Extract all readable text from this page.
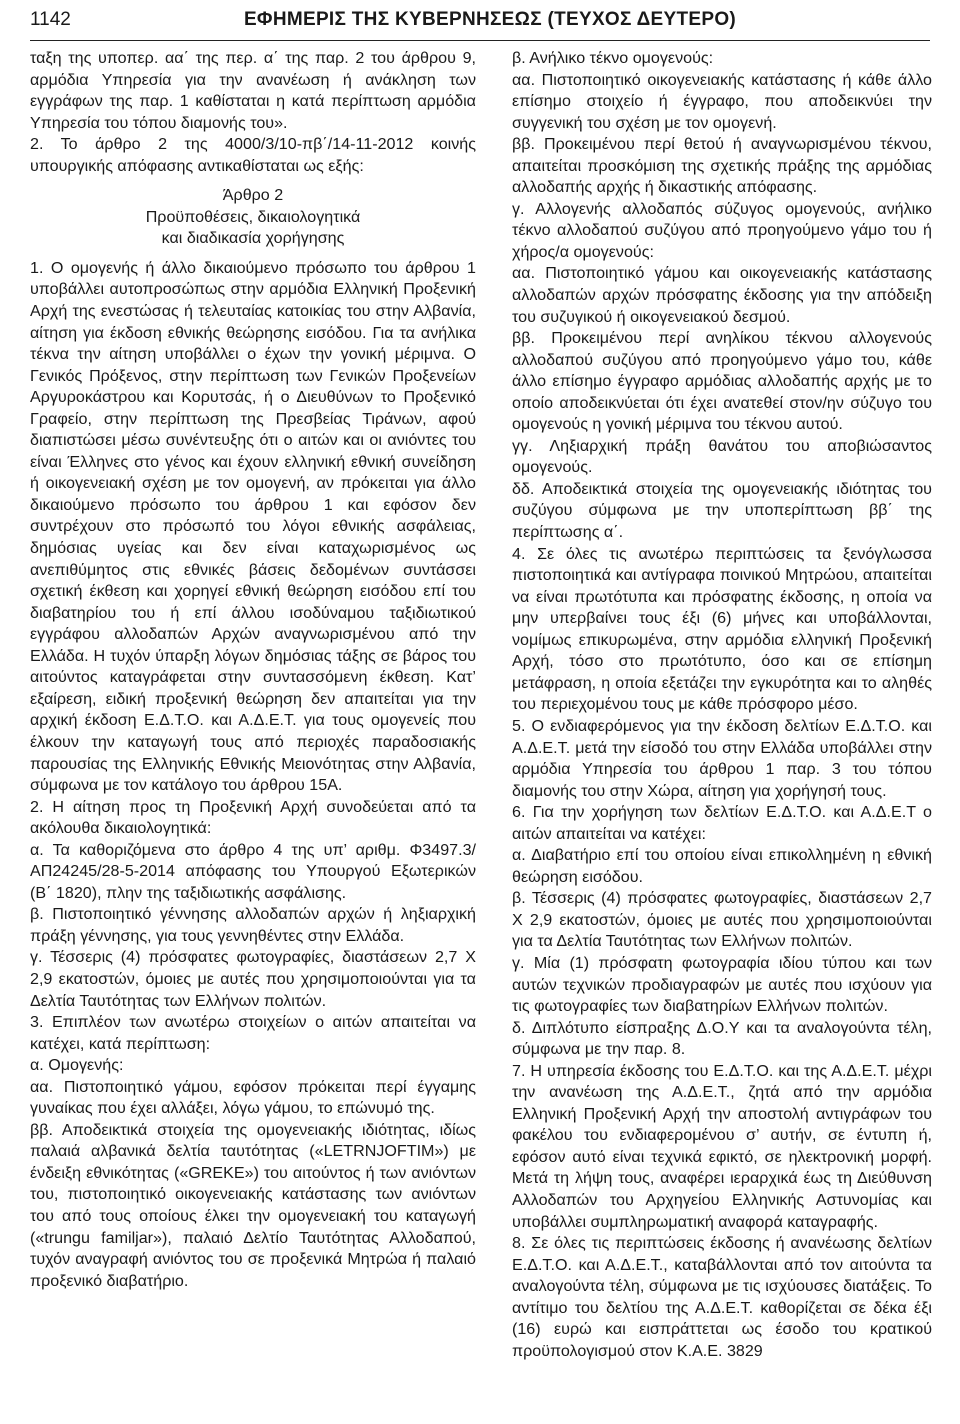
1142	ΕΦΗΜΕΡΙΣ ΤΗΣ ΚΥΒΕΡΝΗΣΕΩΣ (ΤΕΥΧΟΣ ΔΕΥΤΕΡΟ)

ταξη της υποπερ. αα΄ της περ. α΄ της παρ. 2 του άρθρου 9, αρμόδια Υπηρεσία για την ανανέωση ή ανάκληση των εγγράφων της παρ. 1 καθίσταται η κατά περίπτωση αρμόδια Υπηρεσία του τόπου διαμονής του».

2. Το άρθρο 2 της 4000/3/10-πβ΄/14-11-2012 κοινής υπουργικής απόφασης αντικαθίσταται ως εξής:

Άρθρο 2
Προϋποθέσεις, δικαιολογητικά
και διαδικασία χορήγησης

1. Ο ομογενής ή άλλο δικαιούμενο πρόσωπο του άρθρου 1 υποβάλλει αυτοπροσώπως στην αρμόδια Ελληνική Προξενική Αρχή της ενεστώσας ή τελευταίας κατοικίας του στην Αλβανία, αίτηση για έκδοση εθνικής θεώρησης εισόδου. Για τα ανήλικα τέκνα την αίτηση υποβάλλει ο έχων την γονική μέριμνα. Ο Γενικός Πρόξενος, στην περίπτωση των Γενικών Προξενείων Αργυροκάστρου και Κορυτσάς, ή ο Διευθύνων το Προξενικό Γραφείο, στην περίπτωση της Πρεσβείας Τιράνων, αφού διαπιστώσει μέσω συνέντευξης ότι ο αιτών και οι ανιόντες του είναι Έλληνες στο γένος και έχουν ελληνική εθνική συνείδηση ή οικογενειακή σχέση με τον ομογενή, αν πρόκειται για άλλο δικαιούμενο πρόσωπο του άρθρου 1 και εφόσον δεν συντρέχουν στο πρόσωπό του λόγοι εθνικής ασφάλειας, δημόσιας υγείας και δεν είναι καταχωρισμένος ως ανεπιθύμητος στις εθνικές βάσεις δεδομένων συντάσσει σχετική έκθεση και χορηγεί εθνική θεώρηση εισόδου επί του διαβατηρίου του ή επί άλλου ισοδύναμου ταξιδιωτικού εγγράφου αλλοδαπών Αρχών αναγνωρισμένου από την Ελλάδα. Η τυχόν ύπαρξη λόγων δημόσιας τάξης σε βάρος του αιτούντος καταγράφεται στην συντασσόμενη έκθεση. Κατ’ εξαίρεση, ειδική προξενική θεώρηση δεν απαιτείται για την αρχική έκδοση Ε.Δ.Τ.Ο. και Α.Δ.Ε.Τ. για τους ομογενείς που έλκουν την καταγωγή τους από περιοχές παραδοσιακής παρουσίας της Ελληνικής Εθνικής Μειονότητας στην Αλβανία, σύμφωνα με τον κατάλογο του άρθρου 15Α.

2. Η αίτηση προς τη Προξενική Αρχή συνοδεύεται από τα ακόλουθα δικαιολογητικά:

α. Τα καθοριζόμενα στο άρθρο 4 της υπ’ αριθμ. Φ3497.3/ ΑΠ24245/28-5-2014 απόφασης του Υπουργού Εξωτερικών (Β΄ 1820), πλην της ταξιδιωτικής ασφάλισης.

β. Πιστοποιητικό γέννησης αλλοδαπών αρχών ή ληξιαρχική πράξη γέννησης, για τους γεννηθέντες στην Ελλάδα.

γ. Τέσσερις (4) πρόσφατες φωτογραφίες, διαστάσεων 2,7 Χ 2,9 εκατοστών, όμοιες με αυτές που χρησιμοποιούνται για τα Δελτία Ταυτότητας των Ελλήνων πολιτών.

3. Επιπλέον των ανωτέρω στοιχείων ο αιτών απαιτείται να κατέχει, κατά περίπτωση:

α. Ομογενής:

αα. Πιστοποιητικό γάμου, εφόσον πρόκειται περί έγγαμης γυναίκας που έχει αλλάξει, λόγω γάμου, το επώνυμό της.

ββ. Αποδεικτικά στοιχεία της ομογενειακής ιδιότητας, ιδίως παλαιά αλβανικά δελτία ταυτότητας («LETRNJOFTIM») με ένδειξη εθνικότητας («GREKE») του αιτούντος ή των ανιόντων του, πιστοποιητικό οικογενειακής κατάστασης των ανιόντων του από τους οποίους έλκει την ομογενειακή του καταγωγή («trungu familjar»), παλαιό Δελτίο Ταυτότητας Αλλοδαπού, τυχόν αναγραφή ανιόντος του σε προξενικά Μητρώα ή παλαιό προξενικό διαβατήριο.

β. Ανήλικο τέκνο ομογενούς:

αα. Πιστοποιητικό οικογενειακής κατάστασης ή κάθε άλλο επίσημο στοιχείο ή έγγραφο, που αποδεικνύει την συγγενική του σχέση με τον ομογενή.

ββ. Προκειμένου περί θετού ή αναγνωρισμένου τέκνου, απαιτείται προσκόμιση της σχετικής πράξης της αρμόδιας αλλοδαπής αρχής ή δικαστικής απόφασης.

γ. Αλλογενής αλλοδαπός σύζυγος ομογενούς, ανήλικο τέκνο αλλοδαπού συζύγου από προηγούμενο γάμο του ή χήρος/α ομογενούς:

αα. Πιστοποιητικό γάμου και οικογενειακής κατάστασης αλλοδαπών αρχών πρόσφατης έκδοσης για την απόδειξη του συζυγικού ή οικογενειακού δεσμού.

ββ. Προκειμένου περί ανηλίκου τέκνου αλλογενούς αλλοδαπού συζύγου από προηγούμενο γάμο του, κάθε άλλο επίσημο έγγραφο αρμόδιας αλλοδαπής αρχής με το οποίο αποδεικνύεται ότι έχει ανατεθεί στον/ην σύζυγο του ομογενούς η γονική μέριμνα του τέκνου αυτού.

γγ. Ληξιαρχική πράξη θανάτου του αποβιώσαντος ομογενούς.

δδ. Αποδεικτικά στοιχεία της ομογενειακής ιδιότητας του συζύγου σύμφωνα με την υποπερίπτωση ββ΄ της περίπτωσης α΄.

4. Σε όλες τις ανωτέρω περιπτώσεις τα ξενόγλωσσα πιστοποιητικά και αντίγραφα ποινικού Μητρώου, απαιτείται να είναι πρωτότυπα και πρόσφατης έκδοσης, η οποία να μην υπερβαίνει τους έξι (6) μήνες και υποβάλλονται, νομίμως επικυρωμένα, στην αρμόδια ελληνική Προξενική Αρχή, τόσο στο πρωτότυπο, όσο και σε επίσημη μετάφραση, η οποία εξετάζει την εγκυρότητα και το αληθές του περιεχομένου τους με κάθε πρόσφορο μέσο.

5. Ο ενδιαφερόμενος για την έκδοση δελτίων Ε.Δ.Τ.Ο. και Α.Δ.Ε.Τ. μετά την είσοδό του στην Ελλάδα υποβάλλει στην αρμόδια Υπηρεσία του άρθρου 1 παρ. 3 του τόπου διαμονής του στην Χώρα, αίτηση για χορήγησή τους.

6. Για την χορήγηση των δελτίων Ε.Δ.Τ.Ο. και Α.Δ.Ε.Τ ο αιτών απαιτείται να κατέχει:

α. Διαβατήριο επί του οποίου είναι επικολλημένη η εθνική θεώρηση εισόδου.

β. Τέσσερις (4) πρόσφατες φωτογραφίες, διαστάσεων 2,7 Χ 2,9 εκατοστών, όμοιες με αυτές που χρησιμοποιούνται για τα Δελτία Ταυτότητας των Ελλήνων πολιτών.

γ. Μία (1) πρόσφατη φωτογραφία ιδίου τύπου και των αυτών τεχνικών προδιαγραφών με αυτές που ισχύουν για τις φωτογραφίες των διαβατηρίων Ελλήνων πολιτών.

δ. Διπλότυπο είσπραξης Δ.Ο.Υ και τα αναλογούντα τέλη, σύμφωνα με την παρ. 8.

7. Η υπηρεσία έκδοσης του Ε.Δ.Τ.Ο. και της Α.Δ.Ε.Τ. μέχρι την ανανέωση της Α.Δ.Ε.Τ., ζητά από την αρμόδια Ελληνική Προξενική Αρχή την αποστολή αντιγράφων του φακέλου του ενδιαφερομένου σ’ αυτήν, σε έντυπη ή, εφόσον αυτό είναι τεχνικά εφικτό, σε ηλεκτρονική μορφή. Μετά τη λήψη τους, αναφέρει ιεραρχικά έως τη Διεύθυνση Αλλοδαπών του Αρχηγείου Ελληνικής Αστυνομίας και υποβάλλει συμπληρωματική αναφορά καταγραφής.

8. Σε όλες τις περιπτώσεις έκδοσης ή ανανέωσης δελτίων Ε.Δ.Τ.Ο. και Α.Δ.Ε.Τ., καταβάλλονται από τον αιτούντα τα αναλογούντα τέλη, σύμφωνα με τις ισχύουσες διατάξεις. Το αντίτιμο του δελτίου της Α.Δ.Ε.Τ. καθορίζεται σε δέκα έξι (16) ευρώ και εισπράττεται ως έσοδο του κρατικού προϋπολογισμού στον Κ.Α.Ε. 3829
